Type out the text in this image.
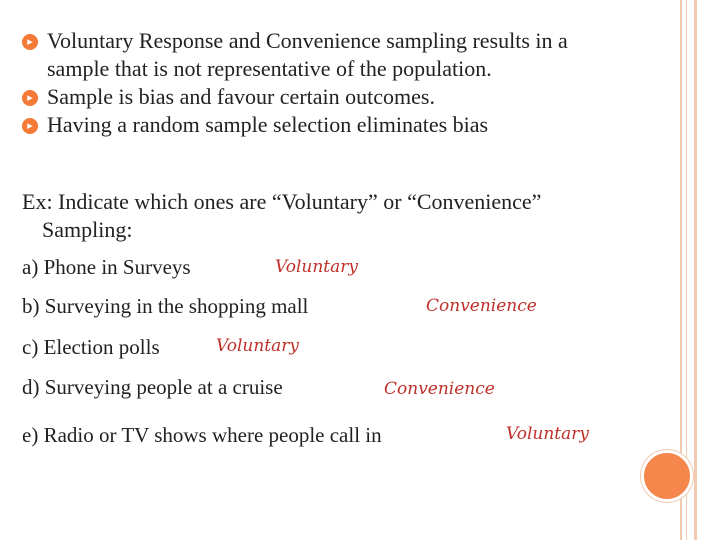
▸
Voluntary Response and Convenience sampling results in a
sample that is not representative of the population.
▸
Sample is bias and favour certain outcomes.
▸
Having a random sample selection eliminates bias
Ex: Indicate which ones are “Voluntary” or “Convenience”
Sampling:
a) Phone in Surveys	Voluntary
b) Surveying in the shopping mall	Convenience
c) Election polls	Voluntary
d) Surveying people at a cruise	Convenience
e) Radio or TV shows where people call in	Voluntary
